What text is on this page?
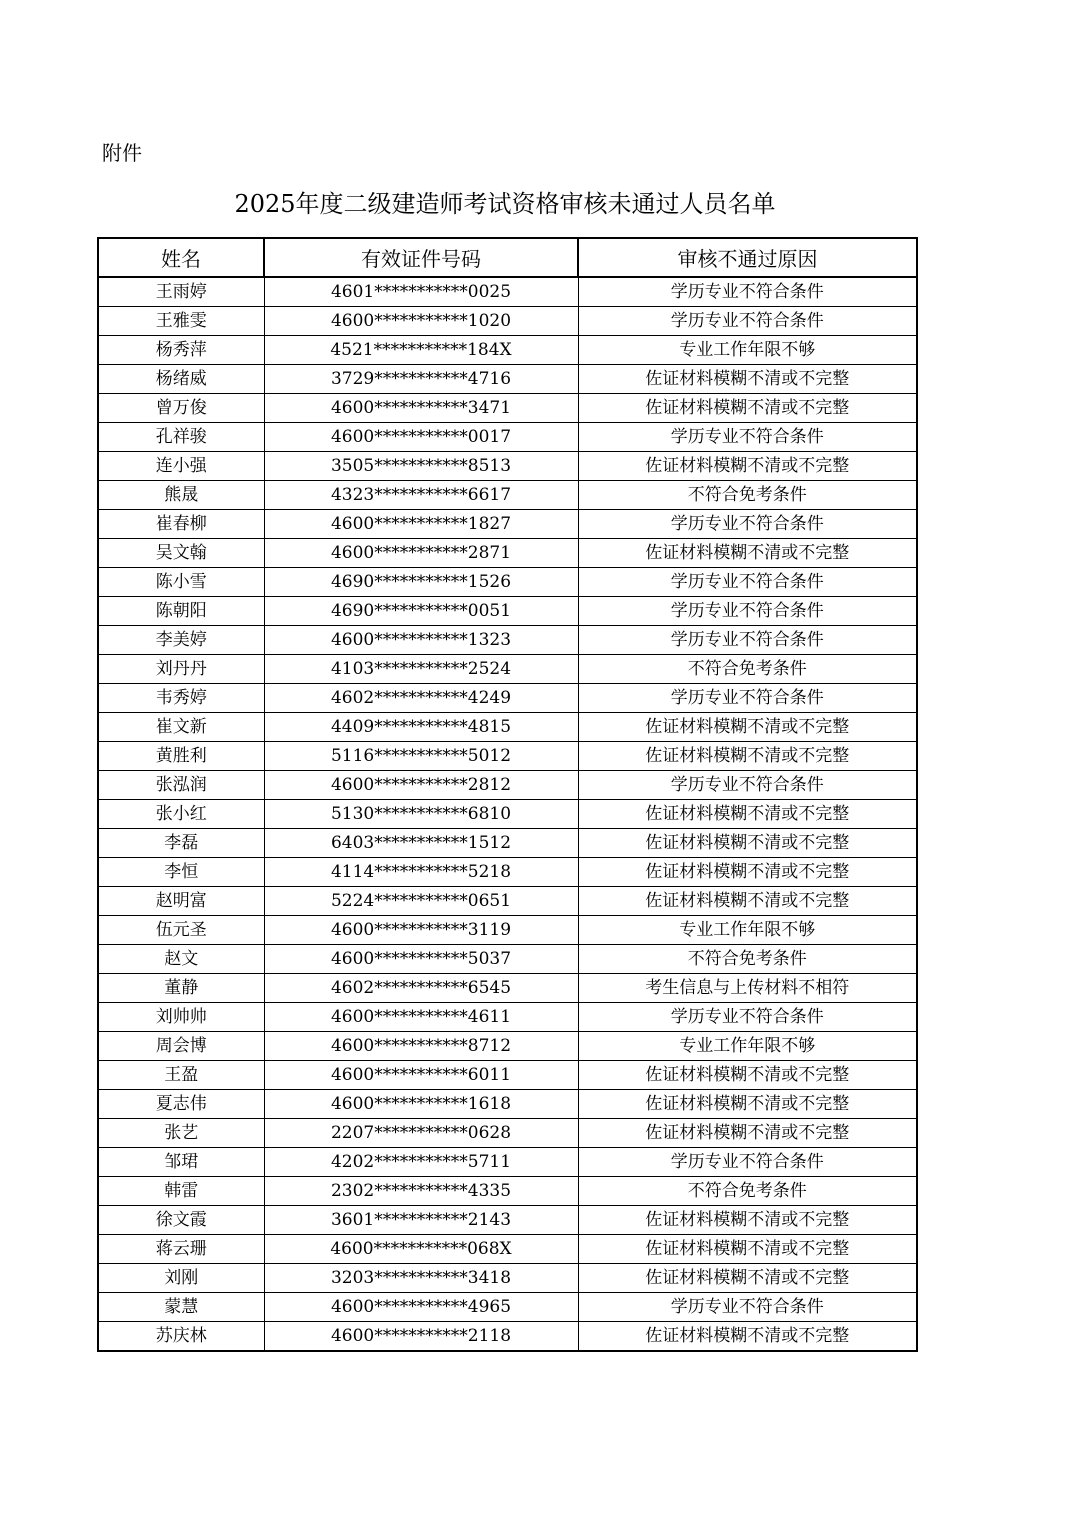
附件
2025年度二级建造师考试资格审核未通过人员名单
姓名	有效证件号码	审核不通过原因
王雨婷	4601***********0025	学历专业不符合条件
王雅雯	4600***********1020	学历专业不符合条件
杨秀萍	4521***********184X	专业工作年限不够
杨绪威	3729***********4716	佐证材料模糊不清或不完整
曾万俊	4600***********3471	佐证材料模糊不清或不完整
孔祥骏	4600***********0017	学历专业不符合条件
连小强	3505***********8513	佐证材料模糊不清或不完整
熊晟	4323***********6617	不符合免考条件
崔春柳	4600***********1827	学历专业不符合条件
吴文翰	4600***********2871	佐证材料模糊不清或不完整
陈小雪	4690***********1526	学历专业不符合条件
陈朝阳	4690***********0051	学历专业不符合条件
李美婷	4600***********1323	学历专业不符合条件
刘丹丹	4103***********2524	不符合免考条件
韦秀婷	4602***********4249	学历专业不符合条件
崔文新	4409***********4815	佐证材料模糊不清或不完整
黄胜利	5116***********5012	佐证材料模糊不清或不完整
张泓润	4600***********2812	学历专业不符合条件
张小红	5130***********6810	佐证材料模糊不清或不完整
李磊	6403***********1512	佐证材料模糊不清或不完整
李恒	4114***********5218	佐证材料模糊不清或不完整
赵明富	5224***********0651	佐证材料模糊不清或不完整
伍元圣	4600***********3119	专业工作年限不够
赵文	4600***********5037	不符合免考条件
董静	4602***********6545	考生信息与上传材料不相符
刘帅帅	4600***********4611	学历专业不符合条件
周会博	4600***********8712	专业工作年限不够
王盈	4600***********6011	佐证材料模糊不清或不完整
夏志伟	4600***********1618	佐证材料模糊不清或不完整
张艺	2207***********0628	佐证材料模糊不清或不完整
邹珺	4202***********5711	学历专业不符合条件
韩雷	2302***********4335	不符合免考条件
徐文霞	3601***********2143	佐证材料模糊不清或不完整
蒋云珊	4600***********068X	佐证材料模糊不清或不完整
刘刚	3203***********3418	佐证材料模糊不清或不完整
蒙慧	4600***********4965	学历专业不符合条件
苏庆林	4600***********2118	佐证材料模糊不清或不完整
